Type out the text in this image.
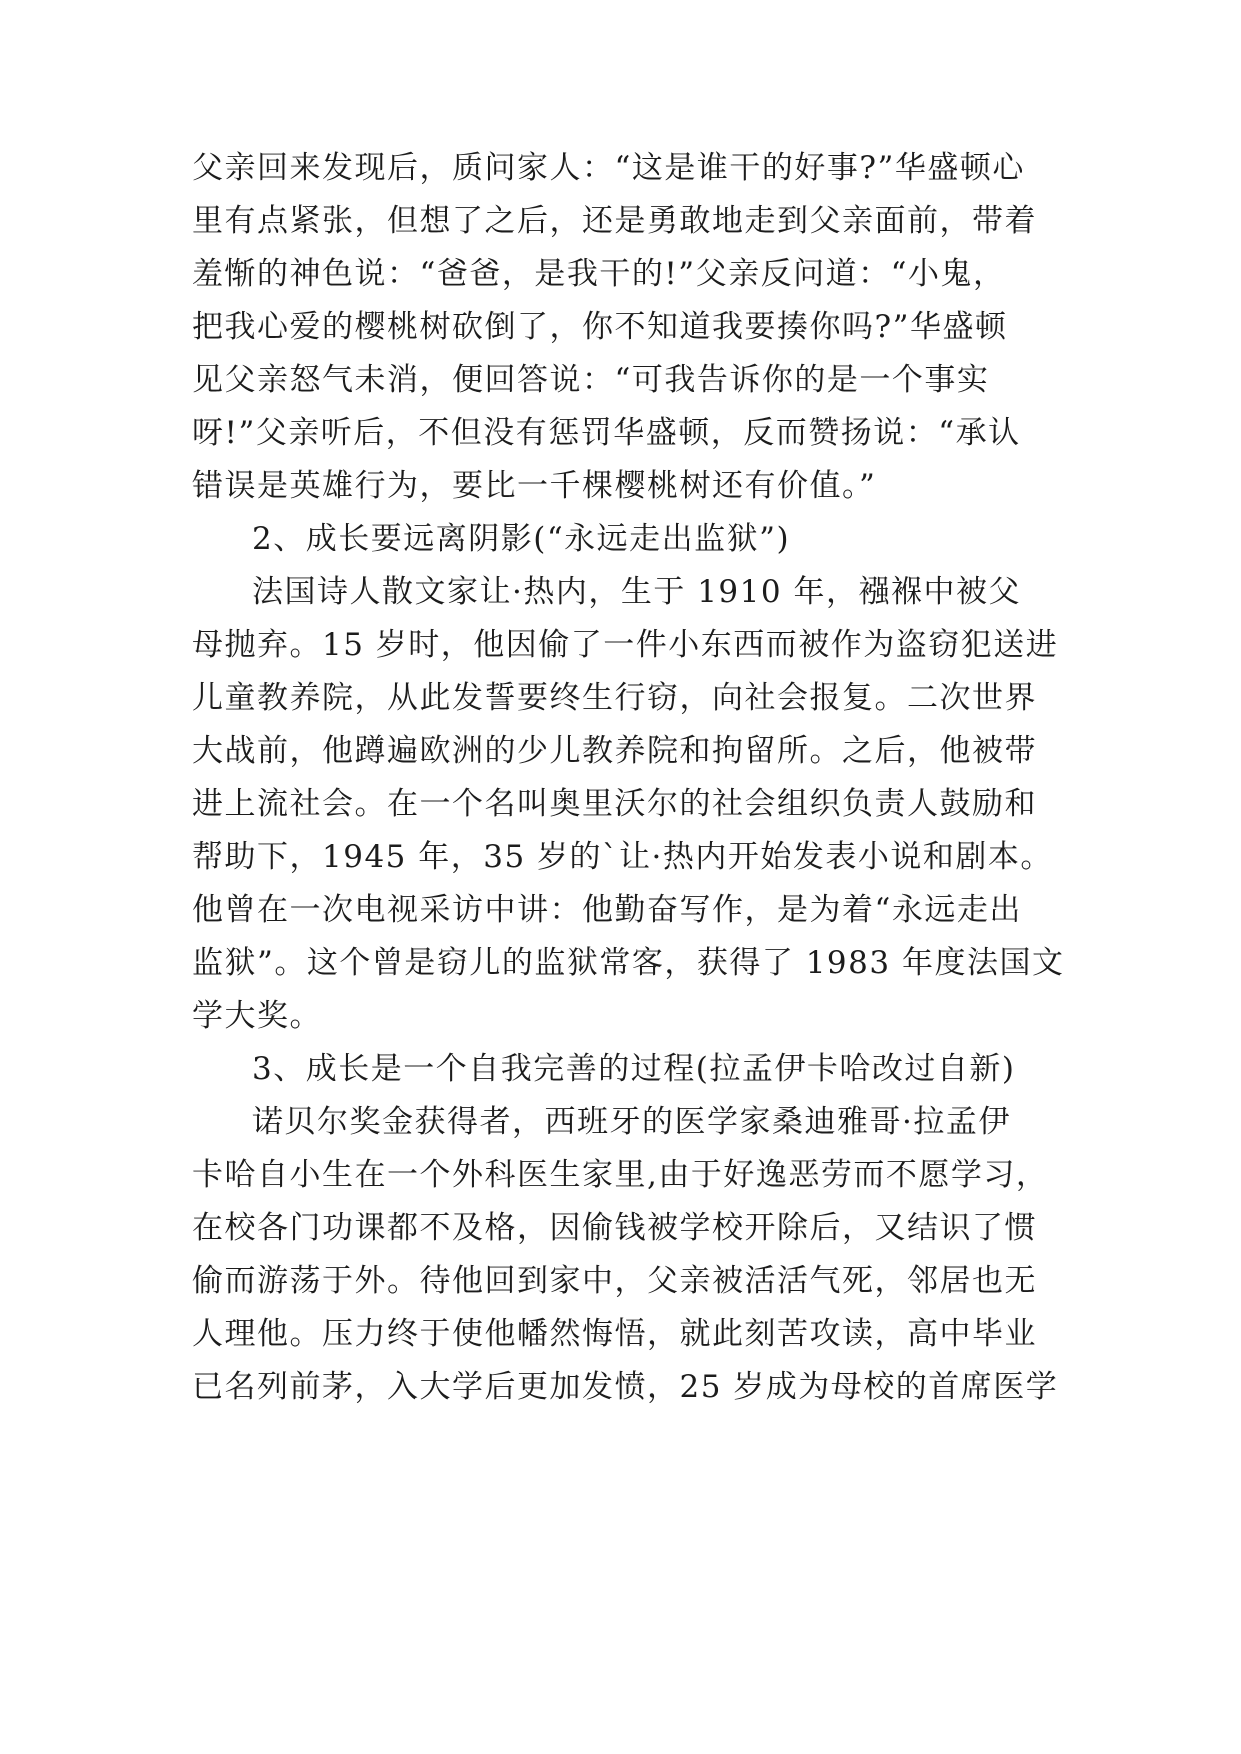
父亲回来发现后，质问家人：“这是谁干的好事?”华盛顿心
里有点紧张，但想了之后，还是勇敢地走到父亲面前，带着
羞惭的神色说：“爸爸，是我干的!”父亲反问道：“小鬼，
把我心爱的樱桃树砍倒了，你不知道我要揍你吗?”华盛顿
见父亲怒气未消，便回答说：“可我告诉你的是一个事实
呀!”父亲听后，不但没有惩罚华盛顿，反而赞扬说：“承认
错误是英雄行为，要比一千棵樱桃树还有价值。”
2、成长要远离阴影(“永远走出监狱”)
法国诗人散文家让·热内，生于 1910 年，襁褓中被父
母抛弃。15 岁时，他因偷了一件小东西而被作为盗窃犯送进
儿童教养院，从此发誓要终生行窃，向社会报复。二次世界
大战前，他蹲遍欧洲的少儿教养院和拘留所。之后，他被带
进上流社会。在一个名叫奥里沃尔的社会组织负责人鼓励和
帮助下，1945 年，35 岁的`让·热内开始发表小说和剧本。
他曾在一次电视采访中讲：他勤奋写作，是为着“永远走出
监狱”。这个曾是窃儿的监狱常客，获得了 1983 年度法国文
学大奖。
3、成长是一个自我完善的过程(拉孟伊卡哈改过自新)
诺贝尔奖金获得者，西班牙的医学家桑迪雅哥·拉孟伊
卡哈自小生在一个外科医生家里,由于好逸恶劳而不愿学习，
在校各门功课都不及格，因偷钱被学校开除后，又结识了惯
偷而游荡于外。待他回到家中，父亲被活活气死，邻居也无
人理他。压力终于使他幡然悔悟，就此刻苦攻读，高中毕业
已名列前茅，入大学后更加发愤，25 岁成为母校的首席医学
